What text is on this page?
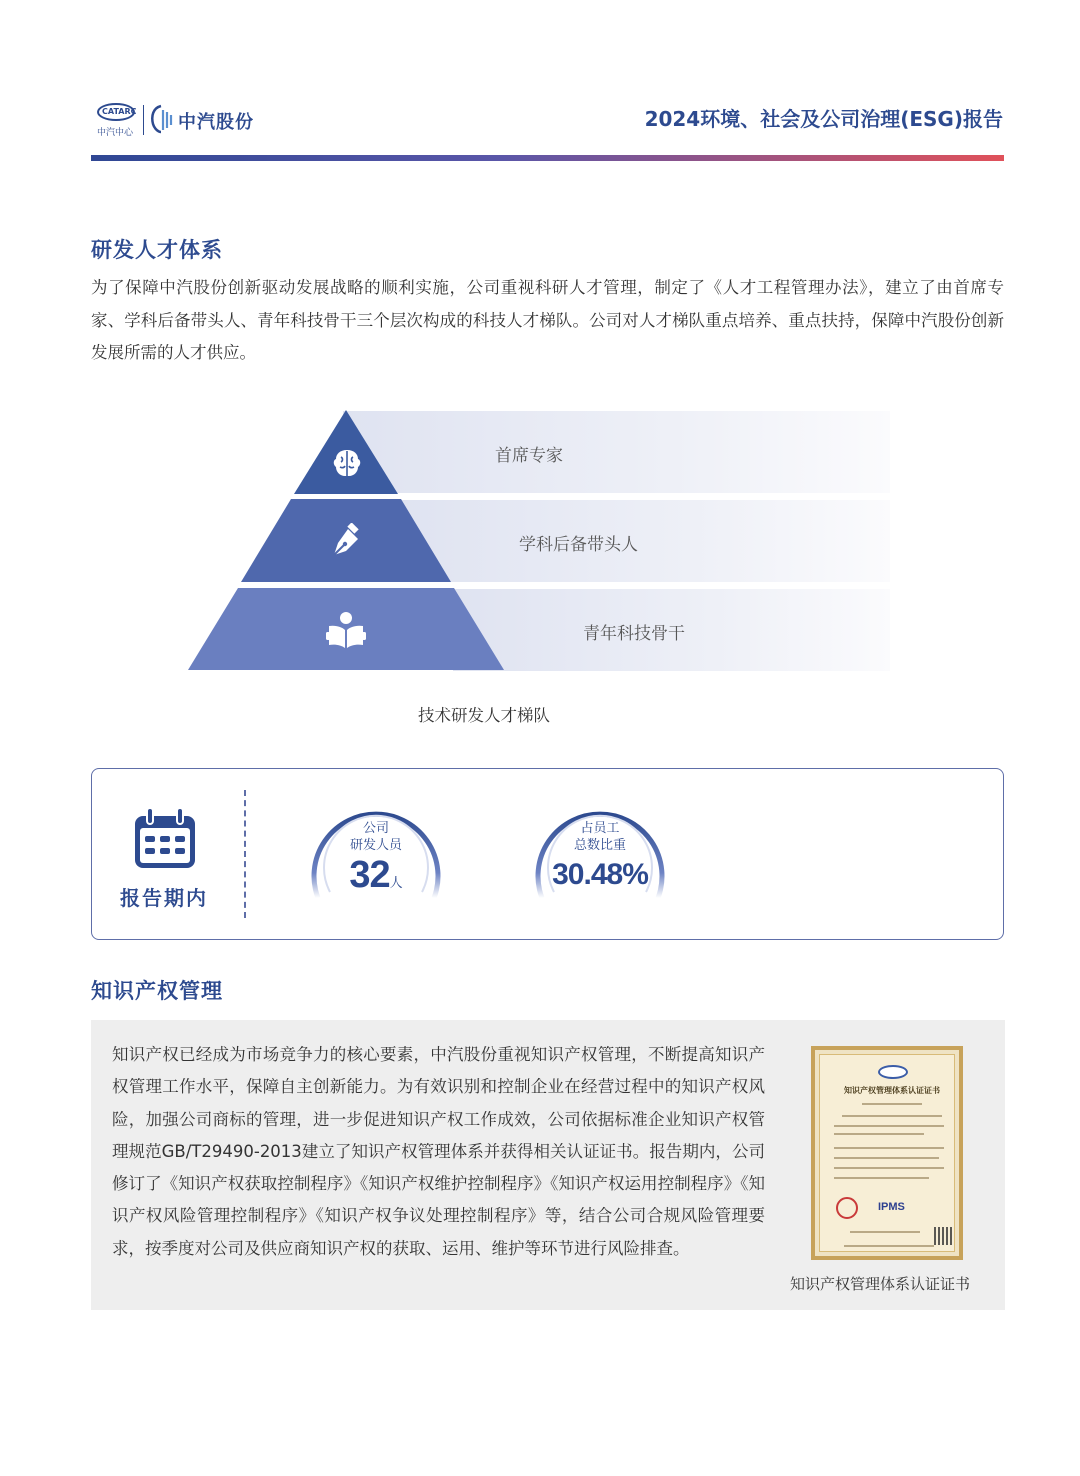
CATARC
中汽中心 中汽股份	2024环境、社会及公司治理(ESG)报告
研发人才体系

为了保障中汽股份创新驱动发展战略的顺利实施，公司重视科研人才管理，制定了《人才工程管理办法》，建立了由首席专家、学科后备带头人、青年科技骨干三个层次构成的科技人才梯队。公司对人才梯队重点培养、重点扶持，保障中汽股份创新发展所需的人才供应。

首席专家
学科后备带头人
青年科技骨干
技术研发人才梯队
报告期内
公司
研发人员
32人
占员工
总数比重
30.48%
知识产权管理

知识产权已经成为市场竞争力的核心要素，中汽股份重视知识产权管理，不断提高知识产权管理工作水平，保障自主创新能力。为有效识别和控制企业在经营过程中的知识产权风险，加强公司商标的管理，进一步促进知识产权工作成效，公司依据标准企业知识产权管理规范GB/T29490-2013建立了知识产权管理体系并获得相关认证证书。报告期内，公司修订了《知识产权获取控制程序》《知识产权维护控制程序》《知识产权运用控制程序》《知识产权风险管理控制程序》《知识产权争议处理控制程序》等，结合公司合规风险管理要求，按季度对公司及供应商知识产权的获取、运用、维护等环节进行风险排查。

知识产权管理体系认证证书
IPMS
知识产权管理体系认证证书
